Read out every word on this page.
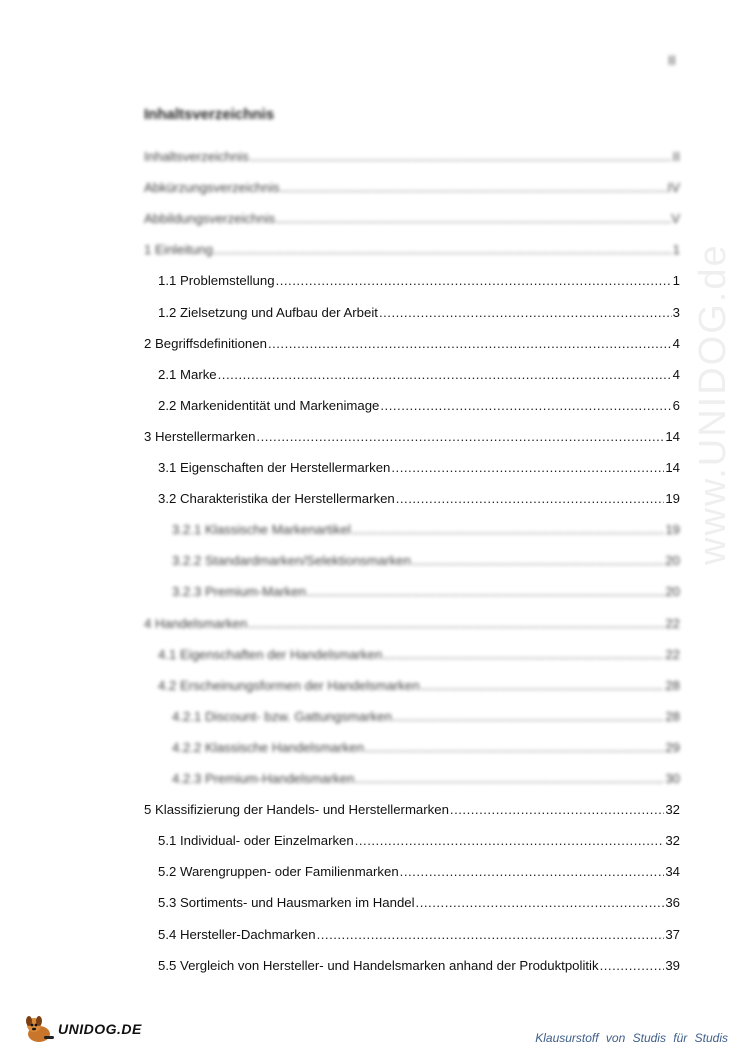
II
Inhaltsverzeichnis
Inhaltsverzeichnis .....	II
Abkürzungsverzeichnis .....	IV
Abbildungsverzeichnis .....	V
1 Einleitung .....	1
1.1 Problemstellung .....	1
1.2 Zielsetzung und Aufbau der Arbeit .....	3
2 Begriffsdefinitionen .....	4
2.1 Marke .....	4
2.2 Markenidentität und Markenimage .....	6
3 Herstellermarken .....	14
3.1 Eigenschaften der Herstellermarken .....	14
3.2 Charakteristika der Herstellermarken .....	19
3.2.1 Klassische Markenartikel .....	19
3.2.2 Standardmarken/Selektionsmarken .....	20
3.2.3 Premium-Marken .....	20
4 Handelsmarken .....	22
4.1 Eigenschaften der Handelsmarken .....	22
4.2 Erscheinungsformen der Handelsmarken .....	28
4.2.1 Discount- bzw. Gattungsmarken .....	28
4.2.2 Klassische Handelsmarken .....	29
4.2.3 Premium-Handelsmarken .....	30
5 Klassifizierung der Handels- und Herstellermarken .....	32
5.1 Individual- oder Einzelmarken .....	32
5.2 Warengruppen- oder Familienmarken .....	34
5.3 Sortiments- und Hausmarken im Handel .....	36
5.4 Hersteller-Dachmarken .....	37
5.5 Vergleich von Hersteller- und Handelsmarken anhand der Produktpolitik .....	39
www.UNIDOG.de
UNIDOG.DE
Klausurstoff von Studis für Studis
